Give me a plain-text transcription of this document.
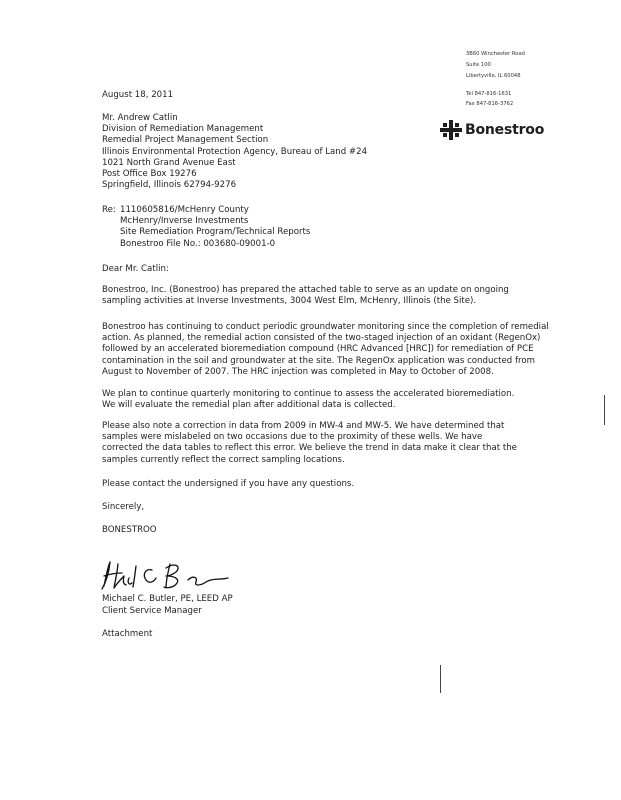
3B60 Winchester Road
Suite 100
Libertyville, IL 60048
Tel 847-816-1631
Fax 847-816-3762
Bonestroo
August 18, 2011
Mr. Andrew Catlin
Division of Remediation Management
Remedial Project Management Section
Illinois Environmental Protection Agency, Bureau of Land #24
1021 North Grand Avenue East
Post Office Box 19276
Springfield, Illinois 62794-9276
Re: 1110605816/McHenry County
McHenry/Inverse Investments
Site Remediation Program/Technical Reports
Bonestroo File No.: 003680-09001-0
Dear Mr. Catlin:
Bonestroo, Inc. (Bonestroo) has prepared the attached table to serve as an update on ongoing
sampling activities at Inverse Investments, 3004 West Elm, McHenry, Illinois (the Site).
Bonestroo has continuing to conduct periodic groundwater monitoring since the completion of remedial
action. As planned, the remedial action consisted of the two-staged injection of an oxidant (RegenOx)
followed by an accelerated bioremediation compound (HRC Advanced [HRC]) for remediation of PCE
contamination in the soil and groundwater at the site. The RegenOx application was conducted from
August to November of 2007. The HRC injection was completed in May to October of 2008.
We plan to continue quarterly monitoring to continue to assess the accelerated bioremediation.
We will evaluate the remedial plan after additional data is collected.
Please also note a correction in data from 2009 in MW-4 and MW-5. We have determined that
samples were mislabeled on two occasions due to the proximity of these wells. We have
corrected the data tables to reflect this error. We believe the trend in data make it clear that the
samples currently reflect the correct sampling locations.
Please contact the undersigned if you have any questions.
Sincerely,
BONESTROO
Michael C. Butler, PE, LEED AP
Client Service Manager
Attachment
